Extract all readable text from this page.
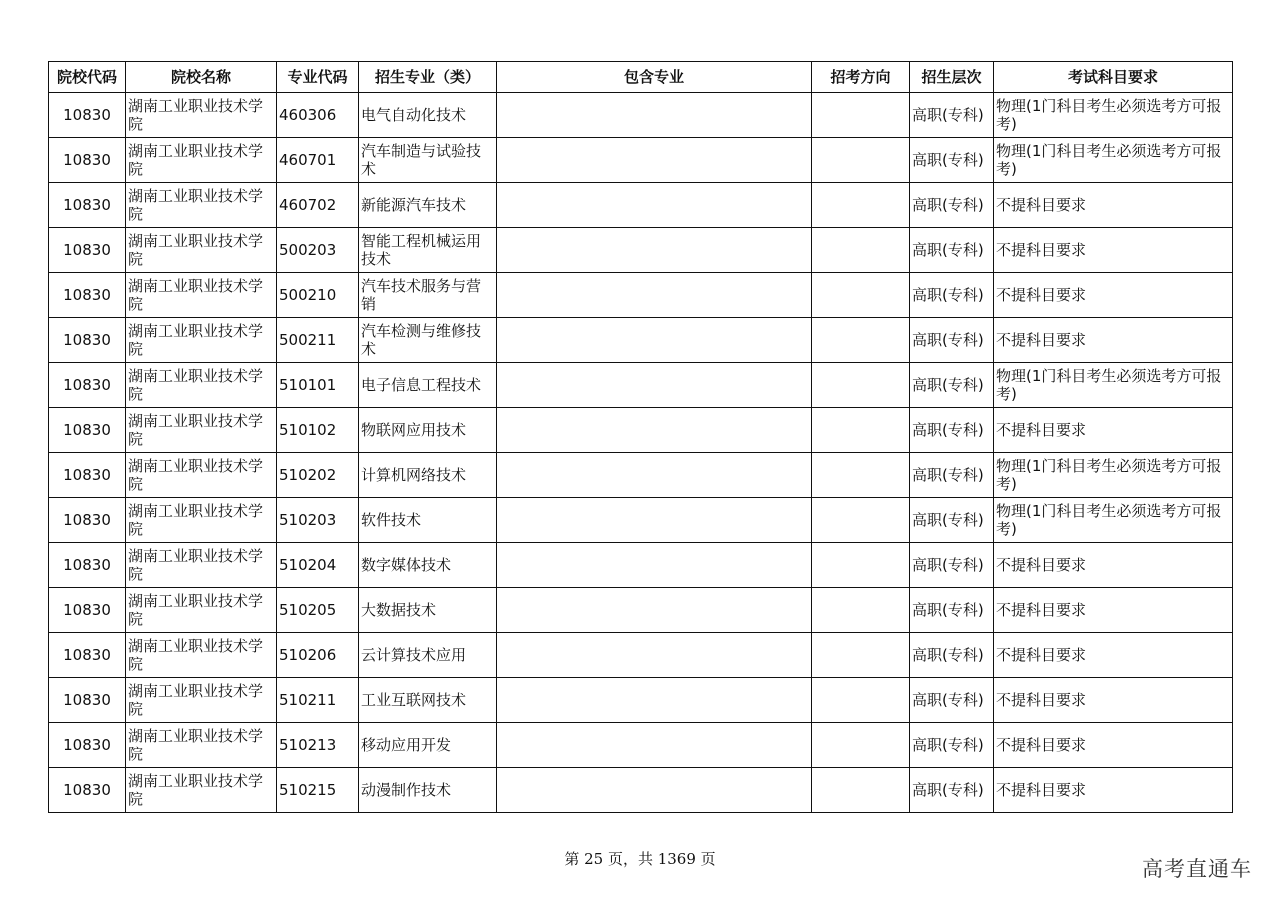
院校代码	院校名称	专业代码	招生专业（类）	包含专业	招考方向	招生层次	考试科目要求
10830	湖南工业职业技术学院	460306	电气自动化技术			高职(专科)	物理(1门科目考生必须选考方可报考)
10830	湖南工业职业技术学院	460701	汽车制造与试验技术			高职(专科)	物理(1门科目考生必须选考方可报考)
10830	湖南工业职业技术学院	460702	新能源汽车技术			高职(专科)	不提科目要求
10830	湖南工业职业技术学院	500203	智能工程机械运用技术			高职(专科)	不提科目要求
10830	湖南工业职业技术学院	500210	汽车技术服务与营销			高职(专科)	不提科目要求
10830	湖南工业职业技术学院	500211	汽车检测与维修技术			高职(专科)	不提科目要求
10830	湖南工业职业技术学院	510101	电子信息工程技术			高职(专科)	物理(1门科目考生必须选考方可报考)
10830	湖南工业职业技术学院	510102	物联网应用技术			高职(专科)	不提科目要求
10830	湖南工业职业技术学院	510202	计算机网络技术			高职(专科)	物理(1门科目考生必须选考方可报考)
10830	湖南工业职业技术学院	510203	软件技术			高职(专科)	物理(1门科目考生必须选考方可报考)
10830	湖南工业职业技术学院	510204	数字媒体技术			高职(专科)	不提科目要求
10830	湖南工业职业技术学院	510205	大数据技术			高职(专科)	不提科目要求
10830	湖南工业职业技术学院	510206	云计算技术应用			高职(专科)	不提科目要求
10830	湖南工业职业技术学院	510211	工业互联网技术			高职(专科)	不提科目要求
10830	湖南工业职业技术学院	510213	移动应用开发			高职(专科)	不提科目要求
10830	湖南工业职业技术学院	510215	动漫制作技术			高职(专科)	不提科目要求
第 25 页，共 1369 页	高考直通车
